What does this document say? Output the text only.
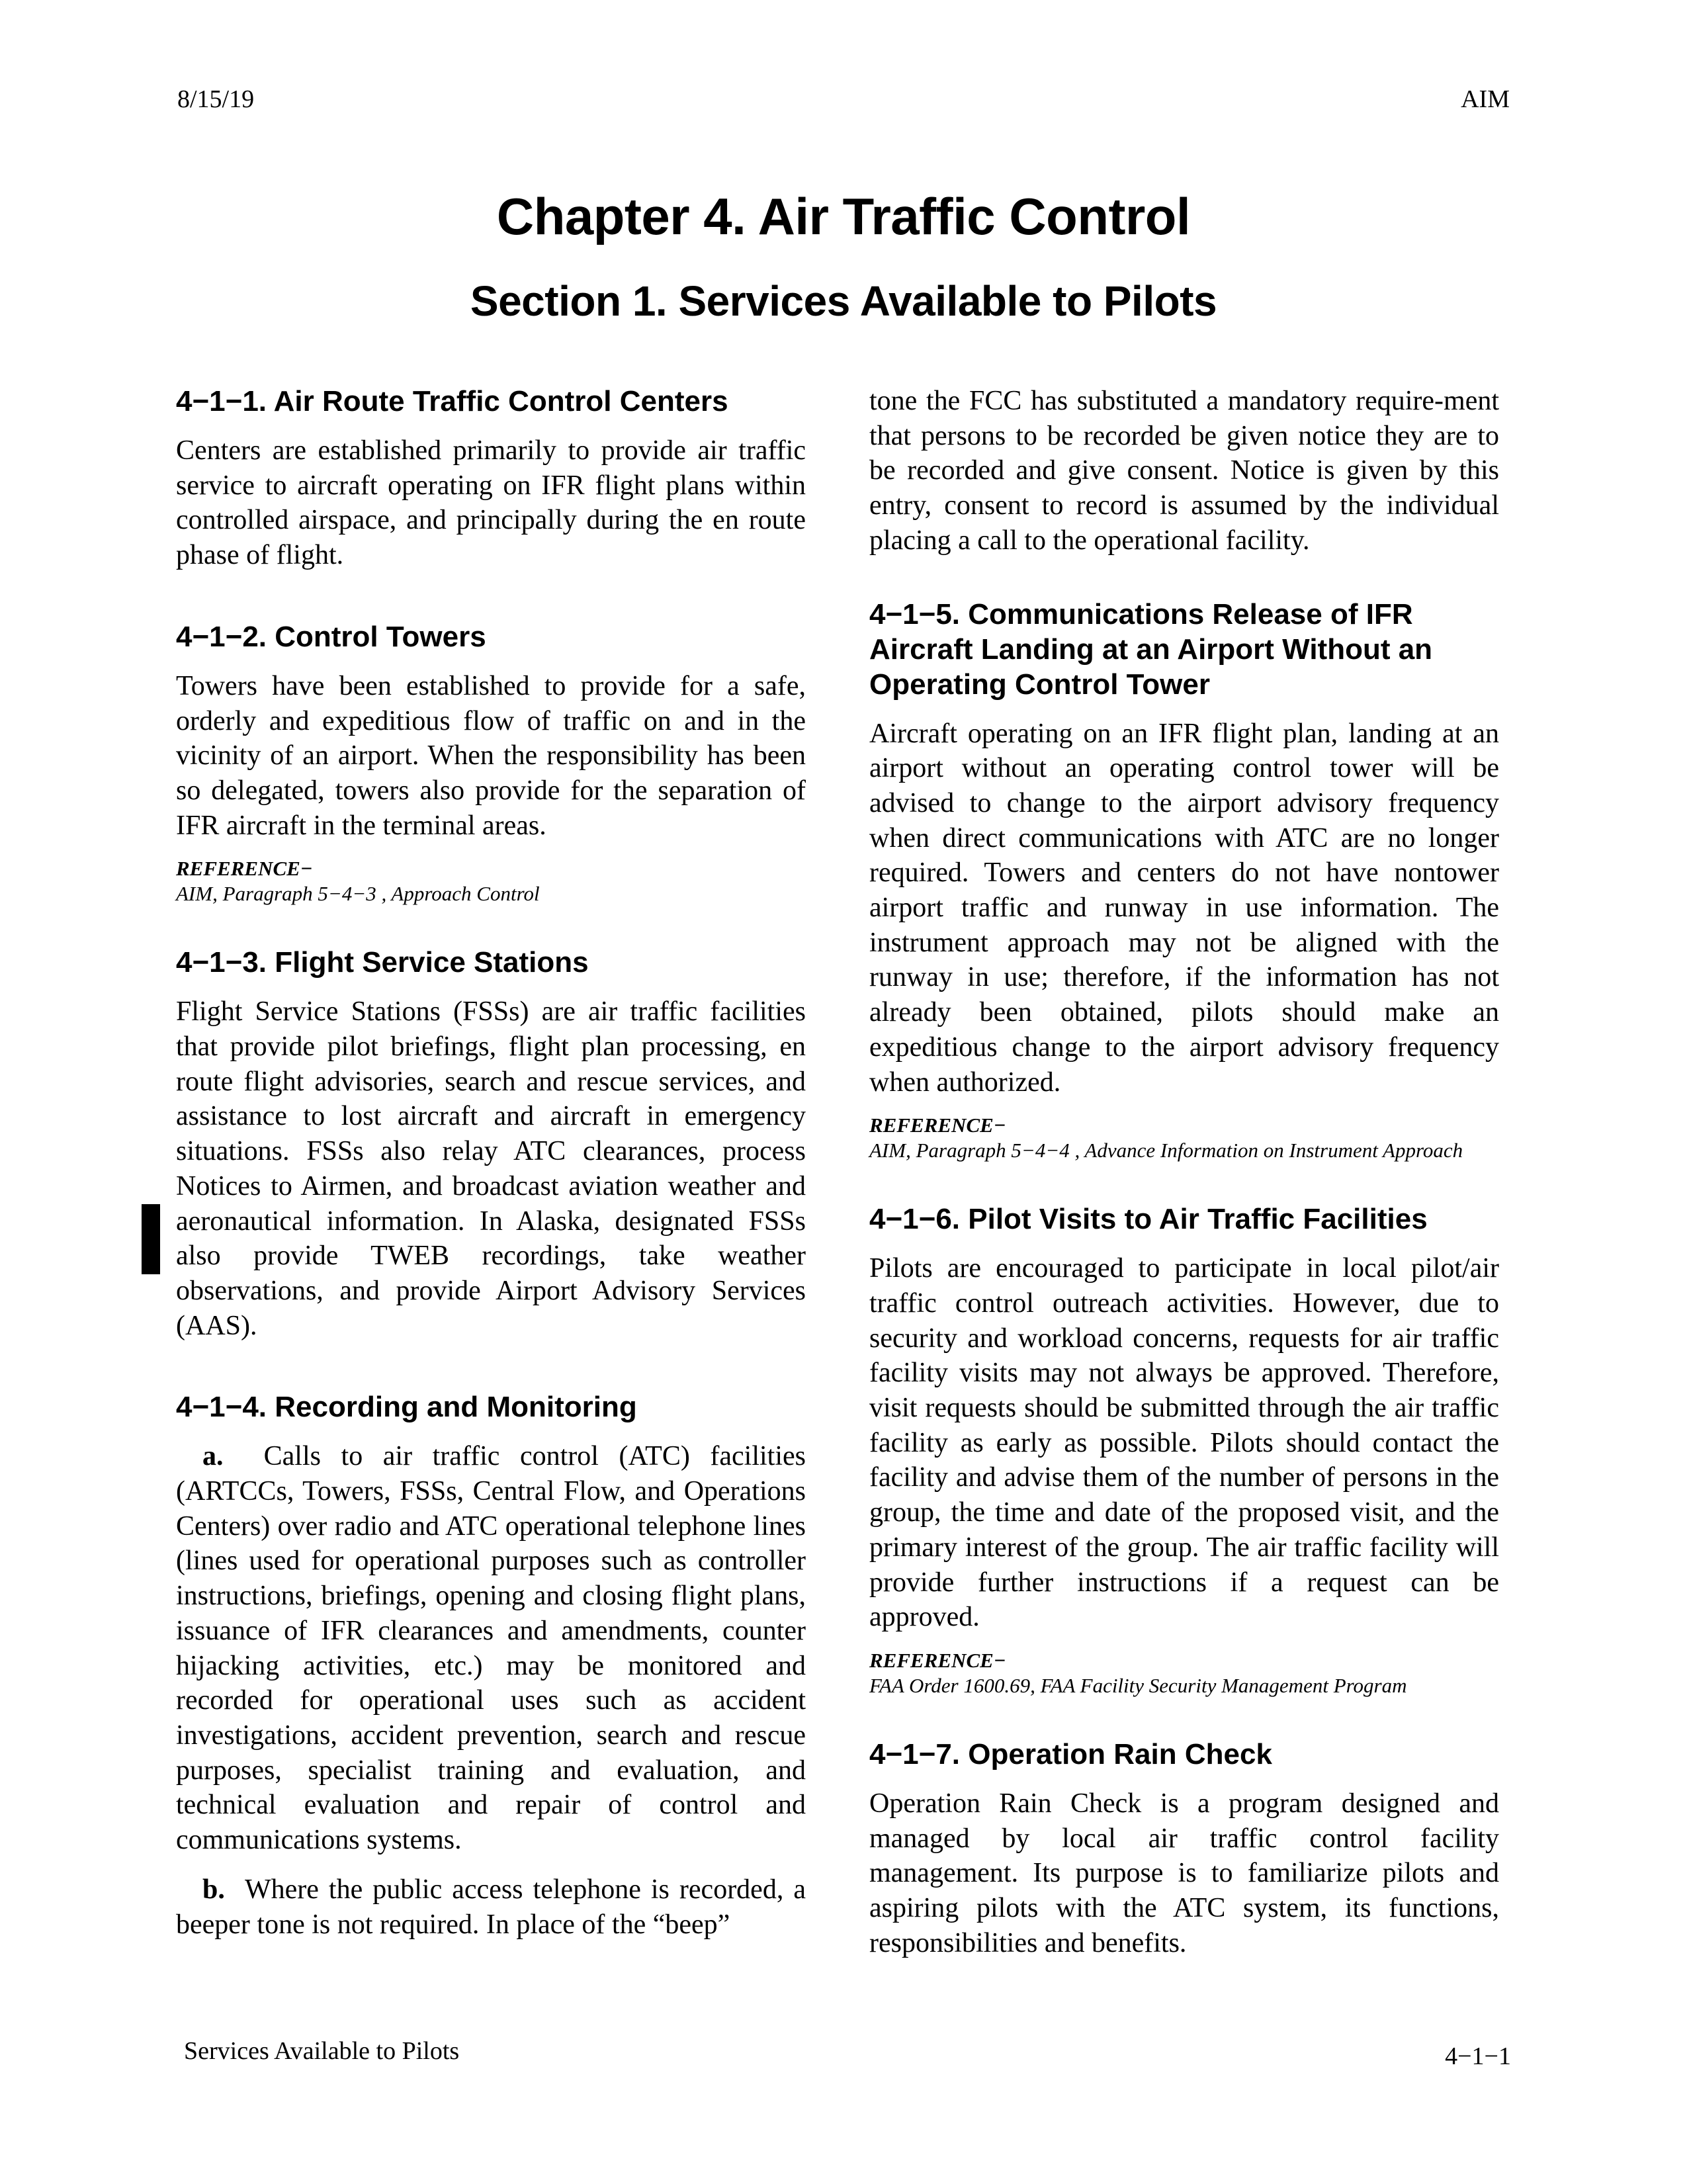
8/15/19	AIM
Chapter 4. Air Traffic Control
Section 1. Services Available to Pilots
4−1−1. Air Route Traffic Control Centers

Centers are established primarily to provide air traffic service to aircraft operating on IFR flight plans within controlled airspace, and principally during the en route phase of flight.

4−1−2. Control Towers

Towers have been established to provide for a safe, orderly and expeditious flow of traffic on and in the vicinity of an airport. When the responsibility has been so delegated, towers also provide for the separation of IFR aircraft in the terminal areas.

REFERENCE−
AIM, Paragraph 5−4−3 , Approach Control
4−1−3. Flight Service Stations

Flight Service Stations (FSSs) are air traffic facilities that provide pilot briefings, flight plan processing, en route flight advisories, search and rescue services, and assistance to lost aircraft and aircraft in emergency situations. FSSs also relay ATC clearances, process Notices to Airmen, and broadcast aviation weather and aeronautical information. In Alaska, designated FSSs also provide TWEB recordings, take weather observations, and provide Airport Advisory Services (AAS).

4−1−4. Recording and Monitoring

a. Calls to air traffic control (ATC) facilities (ARTCCs, Towers, FSSs, Central Flow, and Operations Centers) over radio and ATC operational telephone lines (lines used for operational purposes such as controller instructions, briefings, opening and closing flight plans, issuance of IFR clearances and amendments, counter hijacking activities, etc.) may be monitored and recorded for operational uses such as accident investigations, accident prevention, search and rescue purposes, specialist training and evaluation, and technical evaluation and repair of control and communications systems.

b. Where the public access telephone is recorded, a beeper tone is not required. In place of the “beep”

tone the FCC has substituted a mandatory require-ment that persons to be recorded be given notice they are to be recorded and give consent. Notice is given by this entry, consent to record is assumed by the individual placing a call to the operational facility.

4−1−5. Communications Release of IFR Aircraft Landing at an Airport Without an Operating Control Tower

Aircraft operating on an IFR flight plan, landing at an airport without an operating control tower will be advised to change to the airport advisory frequency when direct communications with ATC are no longer required. Towers and centers do not have nontower airport traffic and runway in use information. The instrument approach may not be aligned with the runway in use; therefore, if the information has not already been obtained, pilots should make an expeditious change to the airport advisory frequency when authorized.

REFERENCE−
AIM, Paragraph 5−4−4 , Advance Information on Instrument Approach
4−1−6. Pilot Visits to Air Traffic Facilities

Pilots are encouraged to participate in local pilot/air traffic control outreach activities. However, due to security and workload concerns, requests for air traffic facility visits may not always be approved. Therefore, visit requests should be submitted through the air traffic facility as early as possible. Pilots should contact the facility and advise them of the number of persons in the group, the time and date of the proposed visit, and the primary interest of the group. The air traffic facility will provide further instructions if a request can be approved.

REFERENCE−
FAA Order 1600.69, FAA Facility Security Management Program
4−1−7. Operation Rain Check

Operation Rain Check is a program designed and managed by local air traffic control facility management. Its purpose is to familiarize pilots and aspiring pilots with the ATC system, its functions, responsibilities and benefits.

Services Available to Pilots	4−1−1
